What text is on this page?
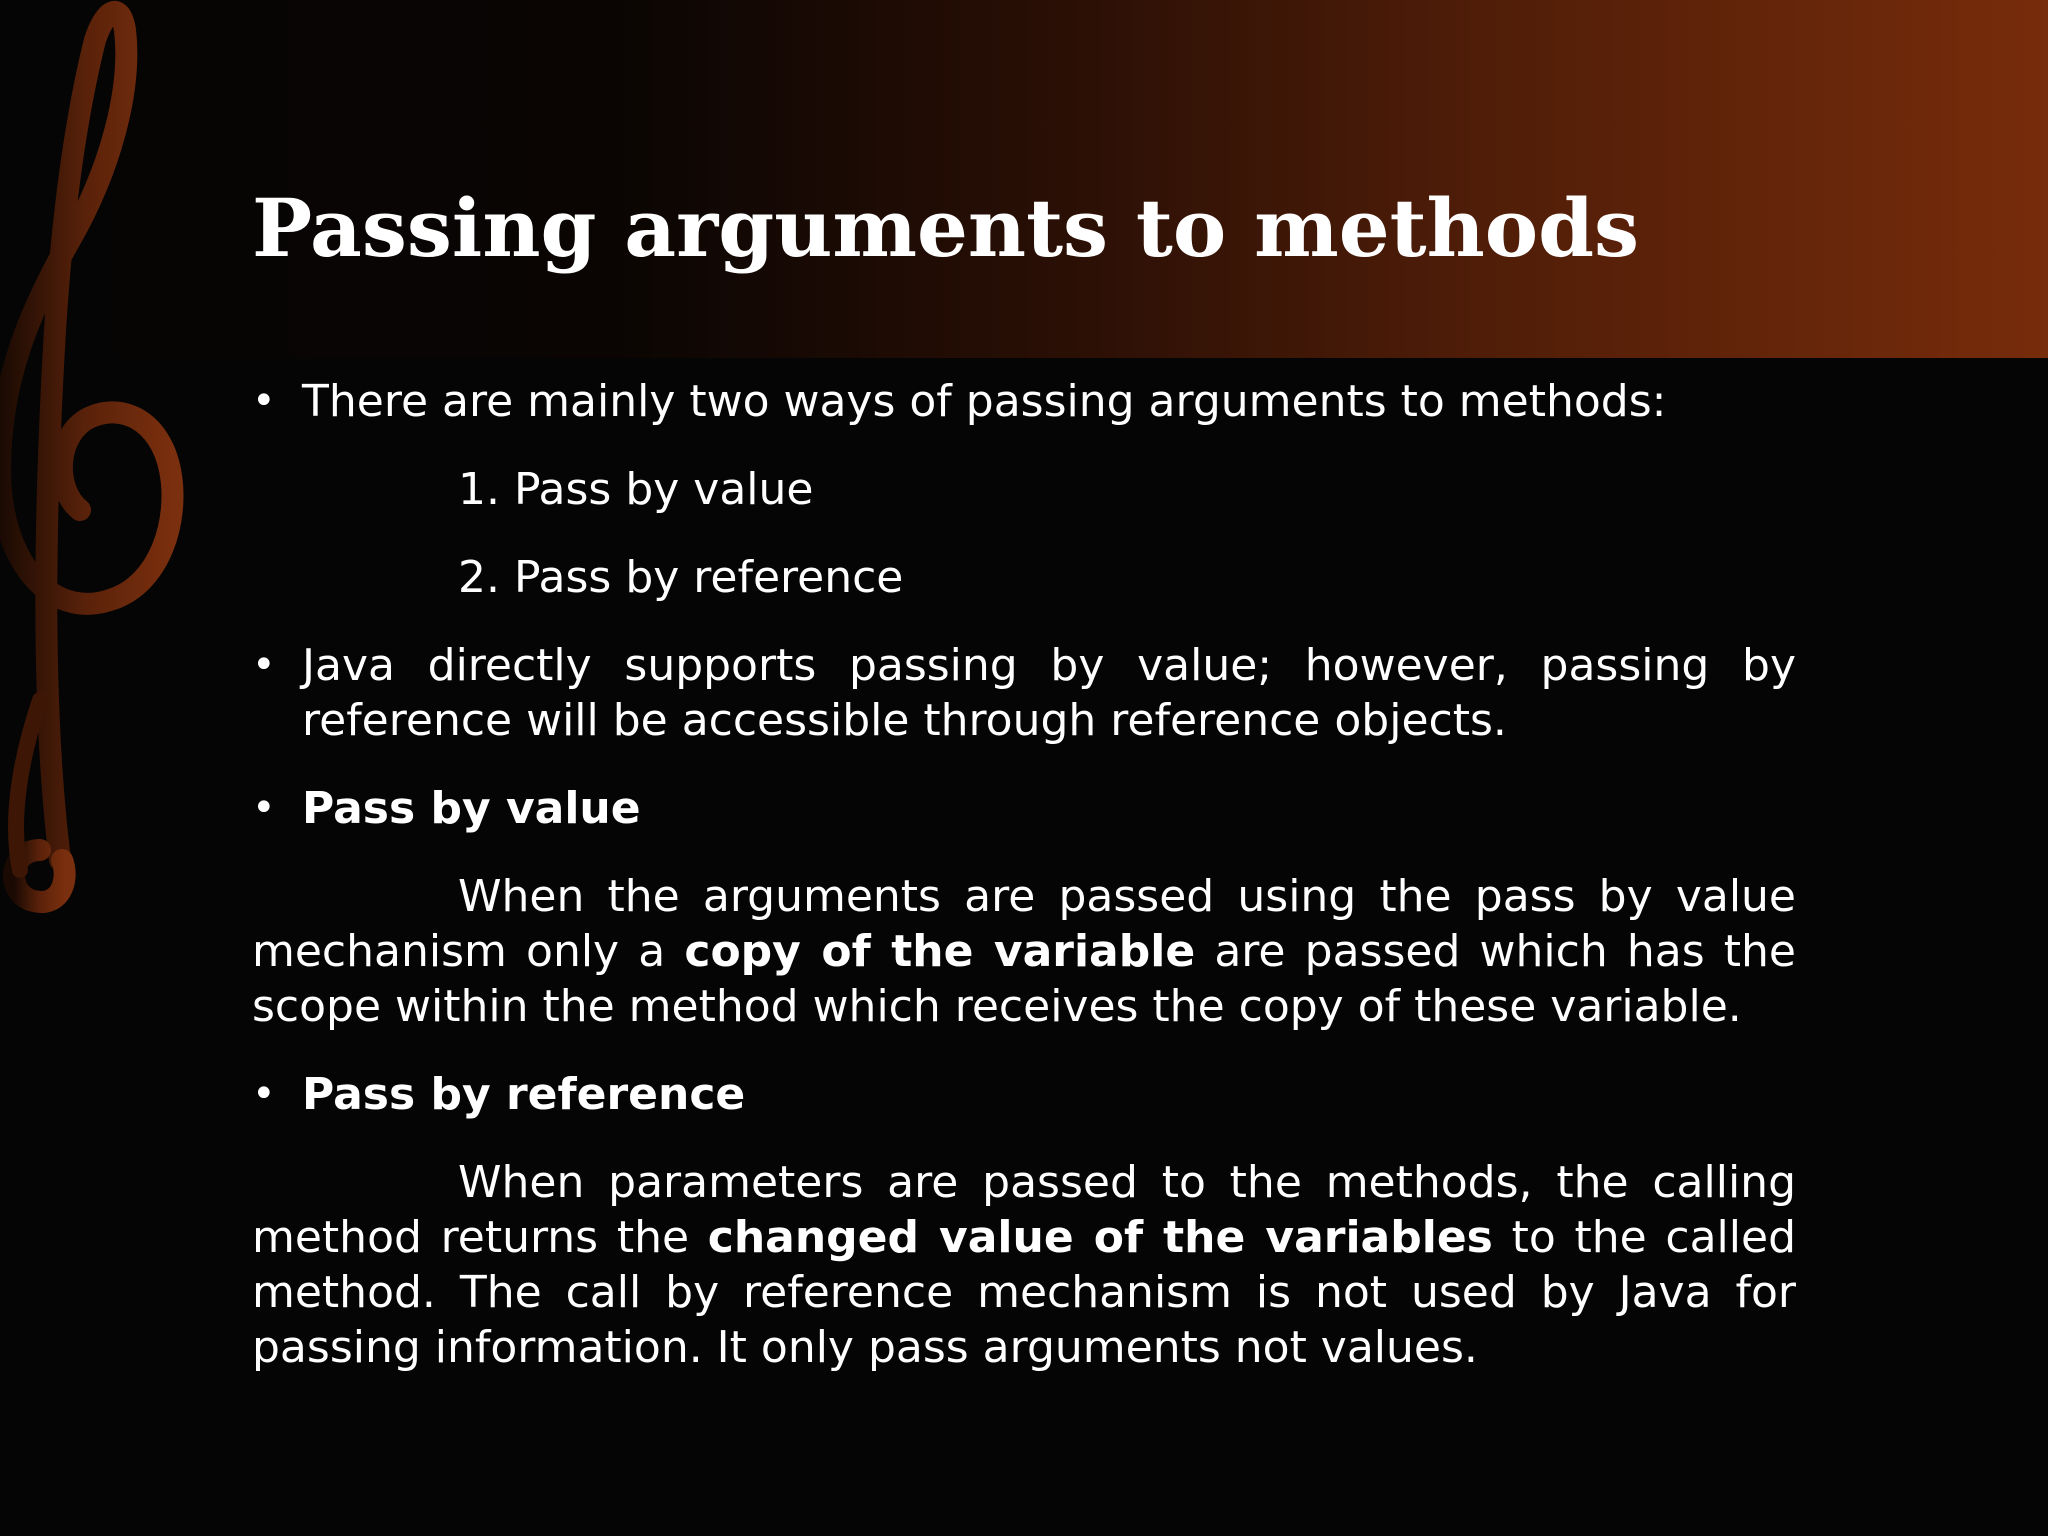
Passing arguments to methods
• There are mainly two ways of passing arguments to methods:
1. Pass by value
2. Pass by reference
• Java directly supports passing by value; however, passing by reference will be accessible through reference objects.
• Pass by value
When the arguments are passed using the pass by value mechanism only a copy of the variable are passed which has the scope within the method which receives the copy of these variable.
• Pass by reference
When parameters are passed to the methods, the calling method returns the changed value of the variables to the called method. The call by reference mechanism is not used by Java for passing information. It only pass arguments not values.
